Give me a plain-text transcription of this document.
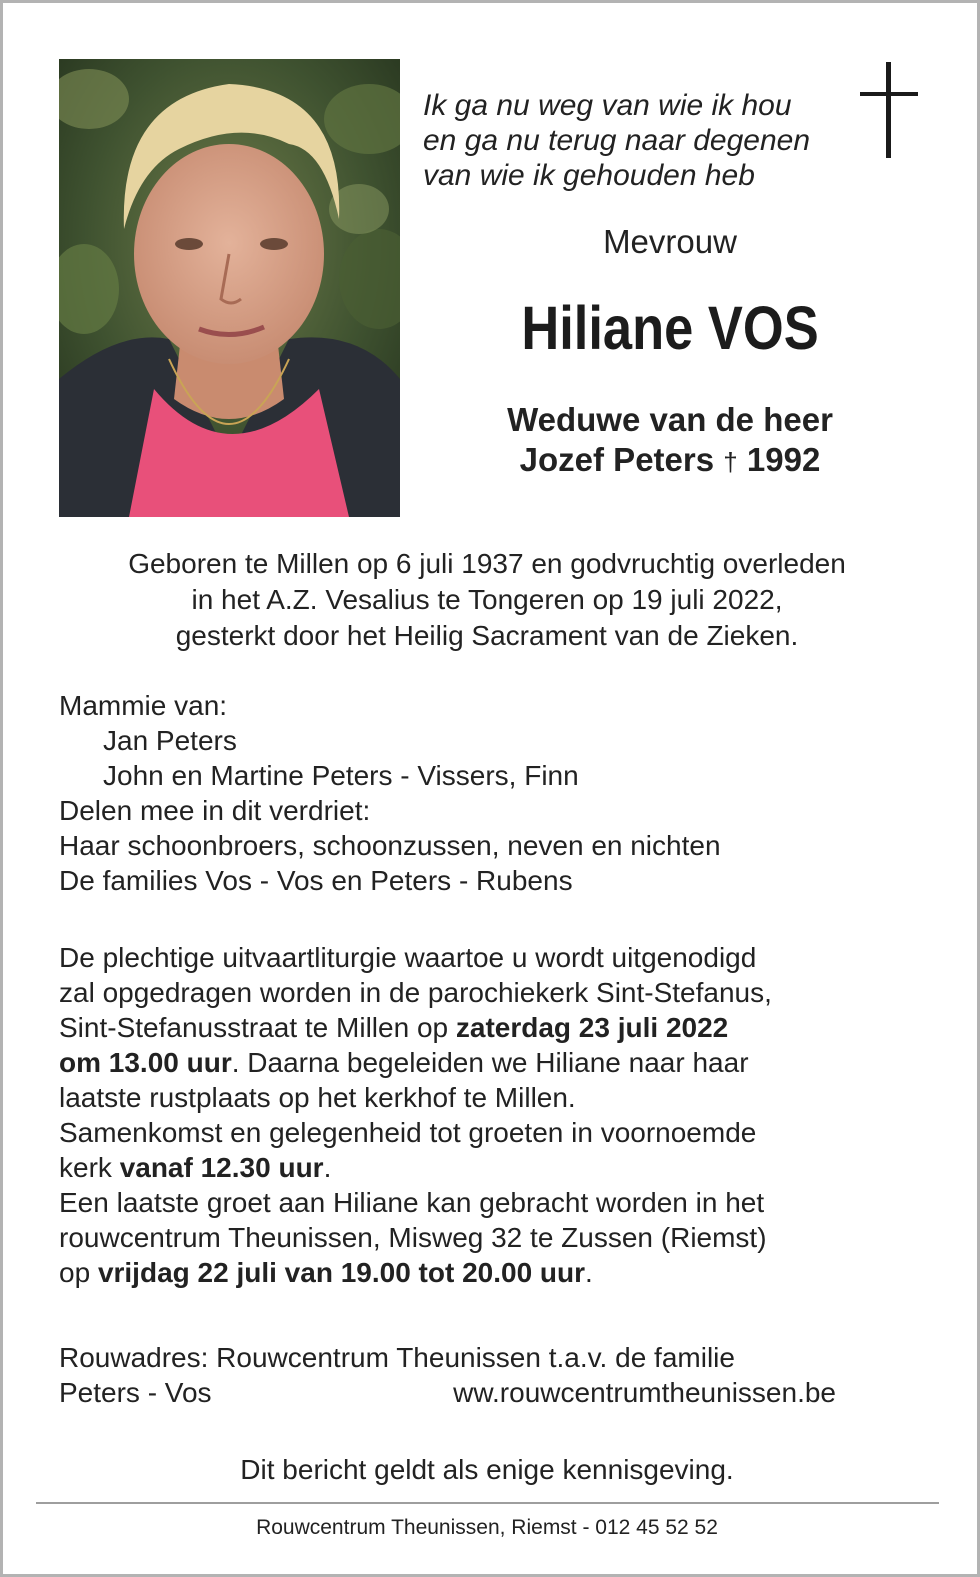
Ik ga nu weg van wie ik hou
en ga nu terug naar degenen
van wie ik gehouden heb
Mevrouw
Hiliane VOS
Weduwe van de heer
Jozef Peters † 1992
Geboren te Millen op 6 juli 1937 en godvruchtig overleden
in het A.Z. Vesalius te Tongeren op 19 juli 2022,
gesterkt door het Heilig Sacrament van de Zieken.
Mammie van:
Jan Peters
John en Martine Peters - Vissers, Finn
Delen mee in dit verdriet:
Haar schoonbroers, schoonzussen, neven en nichten
De families Vos - Vos en Peters - Rubens
De plechtige uitvaartliturgie waartoe u wordt uitgenodigd
zal opgedragen worden in de parochiekerk Sint-Stefanus,
Sint-Stefanusstraat te Millen op zaterdag 23 juli 2022
om 13.00 uur. Daarna begeleiden we Hiliane naar haar
laatste rustplaats op het kerkhof te Millen.
Samenkomst en gelegenheid tot groeten in voornoemde
kerk vanaf 12.30 uur.
Een laatste groet aan Hiliane kan gebracht worden in het
rouwcentrum Theunissen, Misweg 32 te Zussen (Riemst)
op vrijdag 22 juli van 19.00 tot 20.00 uur.
Rouwadres: Rouwcentrum Theunissen t.a.v. de familie
Peters - Vos	ww.rouwcentrumtheunissen.be
Dit bericht geldt als enige kennisgeving.
Rouwcentrum Theunissen, Riemst - 012 45 52 52
